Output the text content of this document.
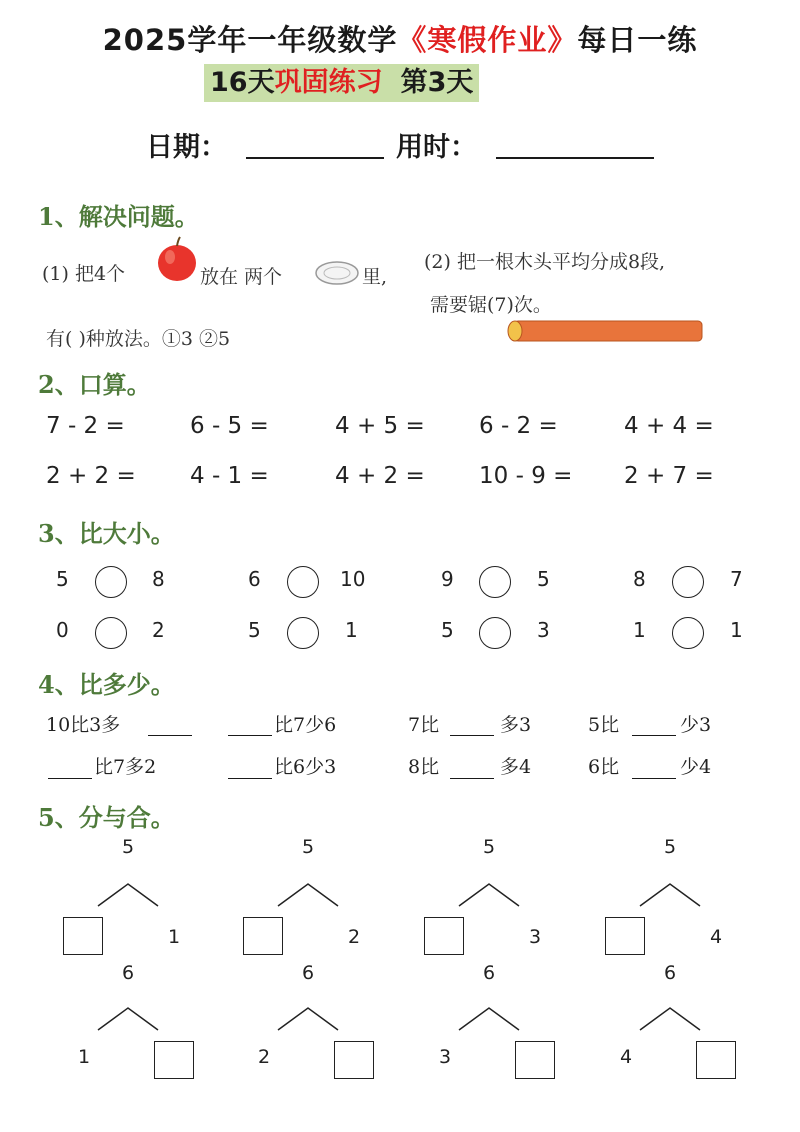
2025学年一年级数学《寒假作业》每日一练
16天巩固练习 第3天
日期：	用时：
1、解决问题。
(1) 把4个	放在 两个	里,
有( )种放法。①3 ②5
(2) 把一根木头平均分成8段,
需要锯(7)次。
2、口算。
7 - 2 =	6 - 5 =	4 + 5 = 6 - 2 =	4 + 4 =
2 + 2 = 4 - 1 =	4 + 2 = 10 - 9 = 2 + 7 =
3、比大小。
5	8	6	10	9	5	8	7
0	2	5	1	5	3	1	1
4、比多少。
10比3多	比7少6	7比	多3	5比	少3
比7多2	比6少3	8比	多4	6比	少4
5、分与合。
5
1
5
2
5
3
5
4
6
1
6
2
6
3
6
4
